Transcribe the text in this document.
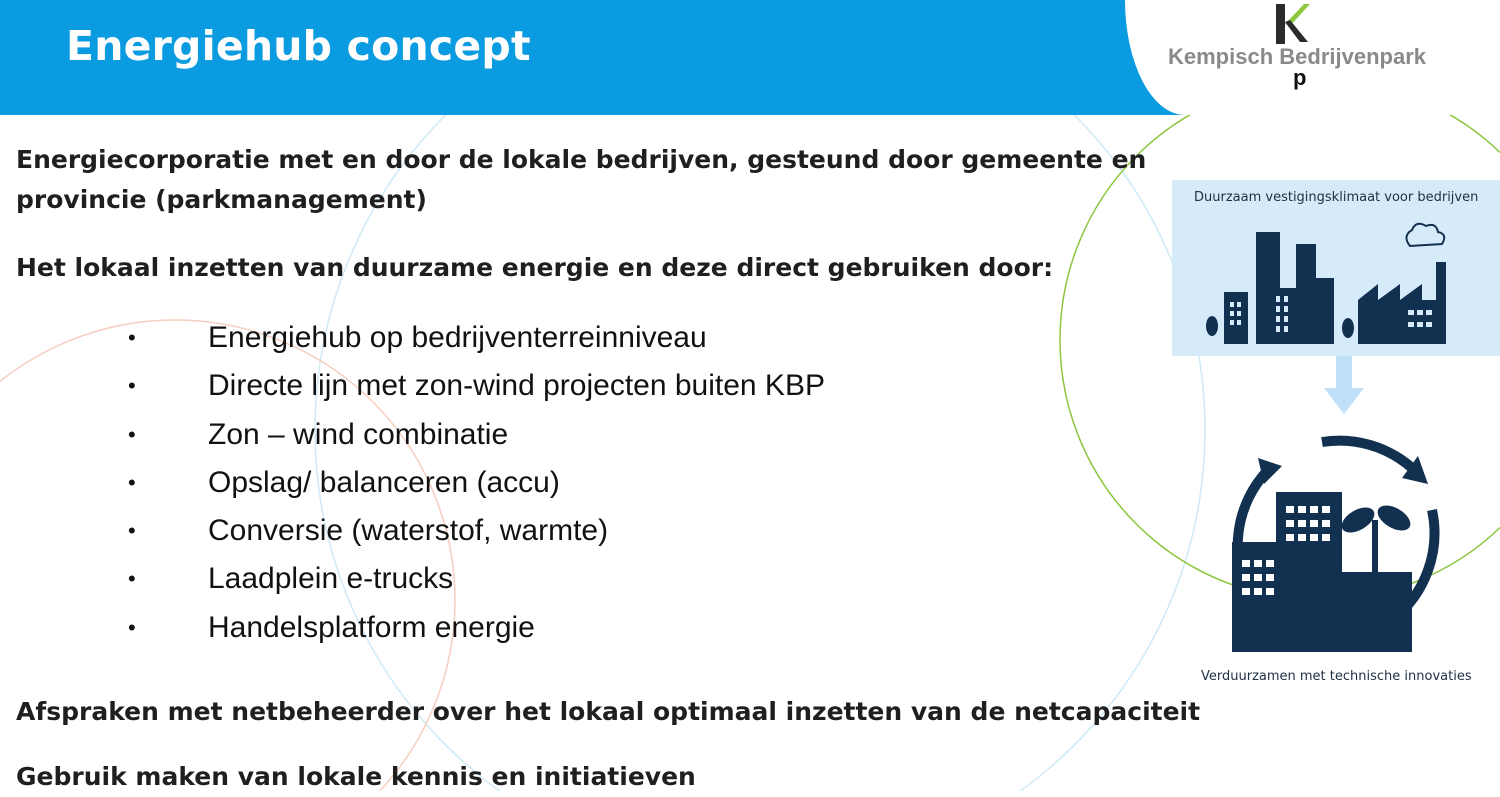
Energiehub concept	Kempisch Bedrijvenpark
p
Energiecorporatie met en door de lokale bedrijven, gesteund door gemeente en
provincie (parkmanagement)
Het lokaal inzetten van duurzame energie en deze direct gebruiken door:
• Energiehub op bedrijventerreinniveau
• Directe lijn met zon-wind projecten buiten KBP
• Zon – wind combinatie
• Opslag/ balanceren (accu)
• Conversie (waterstof, warmte)
• Laadplein e-trucks
• Handelsplatform energie
Afspraken met netbeheerder over het lokaal optimaal inzetten van de netcapaciteit
Gebruik maken van lokale kennis en initiatieven
Duurzaam vestigingsklimaat voor bedrijven
Verduurzamen met technische innovaties
